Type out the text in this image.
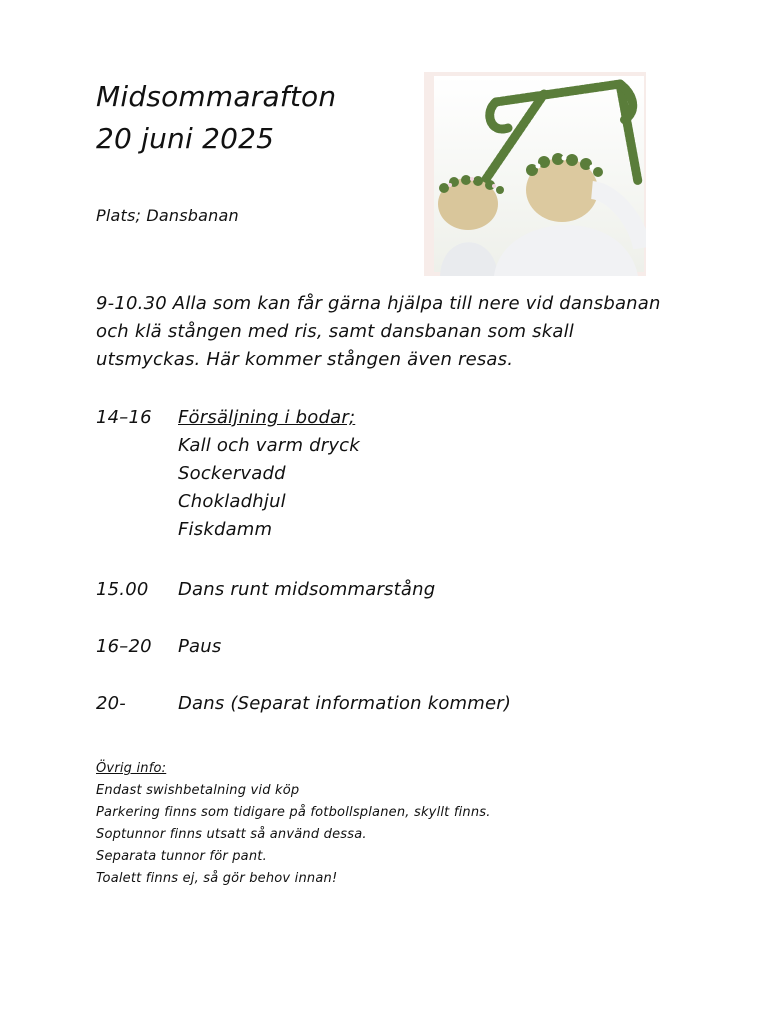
Midsommarafton
20 juni 2025
Plats; Dansbanan
9-10.30 Alla som kan får gärna hjälpa till nere vid dansbanan och klä stången med ris, samt dansbanan som skall utsmyckas. Här kommer stången även resas.
14–16 Försäljning i bodar;
Kall och varm dryck
Sockervadd
Chokladhjul
Fiskdamm
15.00 Dans runt midsommarstång
16–20 Paus
20-	Dans (Separat information kommer)
Övrig info:
Endast swishbetalning vid köp
Parkering finns som tidigare på fotbollsplanen, skyllt finns.
Soptunnor finns utsatt så använd dessa.
Separata tunnor för pant.
Toalett finns ej, så gör behov innan!
